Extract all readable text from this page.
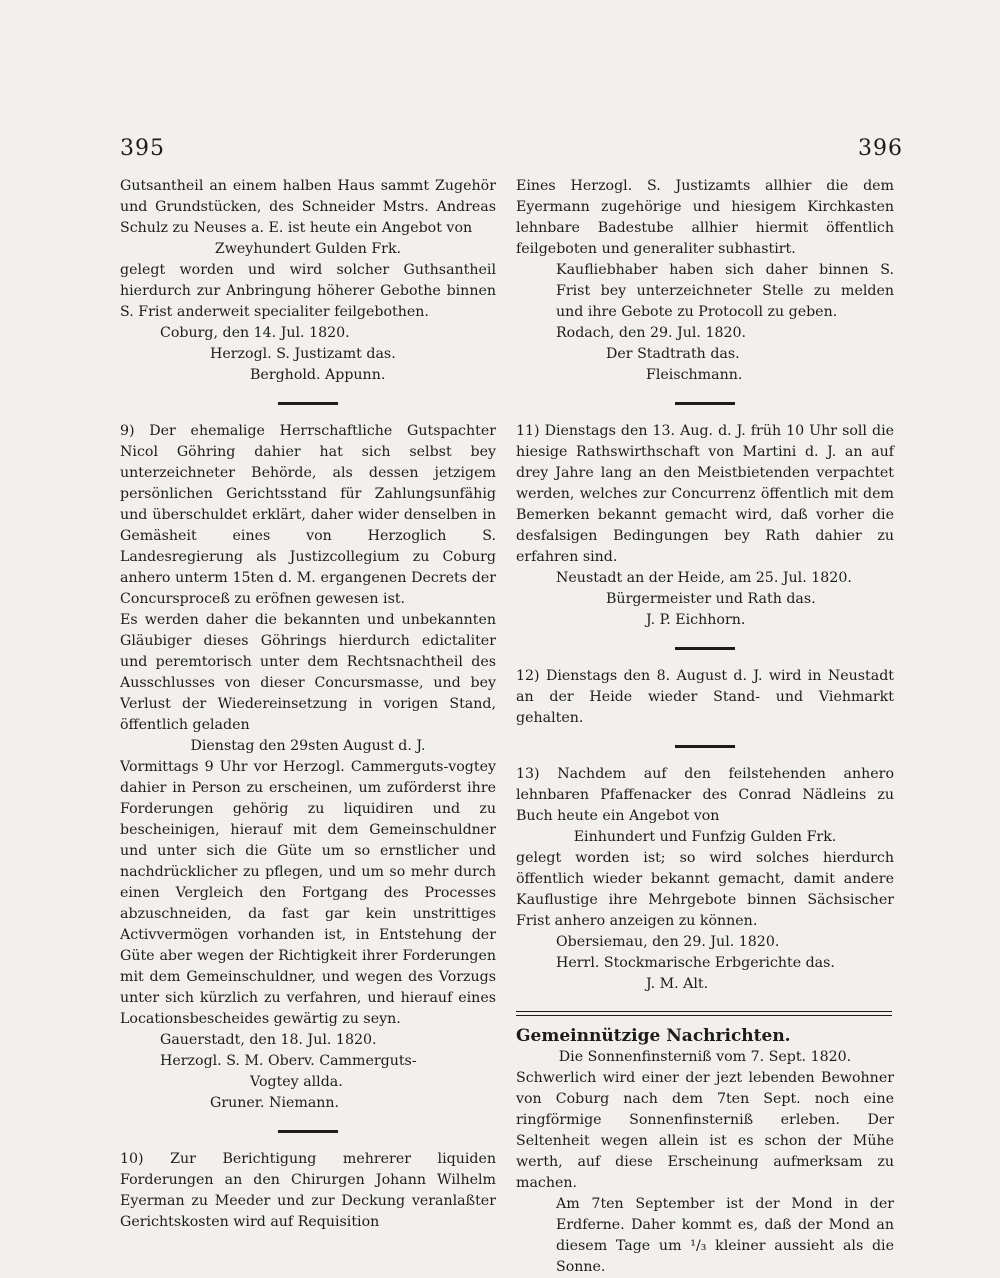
395	396

Gutsantheil an einem halben Haus sammt Zugehör und Grundstücken, des Schneider Mstrs. Andreas Schulz zu Neuses a. E. ist heute ein Angebot von

Zweyhundert Gulden Frk.

gelegt worden und wird solcher Guthsantheil hierdurch zur Anbringung höherer Gebothe binnen S. Frist anderweit specialiter feilgebothen.

Coburg, den 14. Jul. 1820.

Herzogl. S. Justizamt das.

Berghold. Appunn.

9) Der ehemalige Herrschaftliche Gutspachter Nicol Göhring dahier hat sich selbst bey unterzeichneter Behörde, als dessen jetzigem persönlichen Gerichtsstand für Zahlungsunfähig und überschuldet erklärt, daher wider denselben in Gemäsheit eines von Herzoglich S. Landesregierung als Justizcollegium zu Coburg anhero unterm 15ten d. M. ergangenen Decrets der Concursproceß zu eröfnen gewesen ist.

Es werden daher die bekannten und unbekannten Gläubiger dieses Göhrings hierdurch edictaliter und peremtorisch unter dem Rechtsnachtheil des Ausschlusses von dieser Concursmasse, und bey Verlust der Wiedereinsetzung in vorigen Stand, öffentlich geladen

Dienstag den 29sten August d. J.

Vormittags 9 Uhr vor Herzogl. Cammerguts-vogtey dahier in Person zu erscheinen, um zuförderst ihre Forderungen gehörig zu liquidiren und zu bescheinigen, hierauf mit dem Gemeinschuldner und unter sich die Güte um so ernstlicher und nachdrücklicher zu pflegen, und um so mehr durch einen Vergleich den Fortgang des Processes abzuschneiden, da fast gar kein unstrittiges Activvermögen vorhanden ist, in Entstehung der Güte aber wegen der Richtigkeit ihrer Forderungen mit dem Gemeinschuldner, und wegen des Vorzugs unter sich kürzlich zu verfahren, und hierauf eines Locationsbescheides gewärtig zu seyn.

Gauerstadt, den 18. Jul. 1820.

Herzogl. S. M. Oberv. Cammerguts-

Vogtey allda.

Gruner. Niemann.

10) Zur Berichtigung mehrerer liquiden Forderungen an den Chirurgen Johann Wilhelm Eyerman zu Meeder und zur Deckung veranlaßter Gerichtskosten wird auf Requisition

Eines Herzogl. S. Justizamts allhier die dem Eyermann zugehörige und hiesigem Kirchkasten lehnbare Badestube allhier hiermit öffentlich feilgeboten und generaliter subhastirt.

Kaufliebhaber haben sich daher binnen S. Frist bey unterzeichneter Stelle zu melden und ihre Gebote zu Protocoll zu geben.

Rodach, den 29. Jul. 1820.

Der Stadtrath das.

Fleischmann.

11) Dienstags den 13. Aug. d. J. früh 10 Uhr soll die hiesige Rathswirthschaft von Martini d. J. an auf drey Jahre lang an den Meistbietenden verpachtet werden, welches zur Concurrenz öffentlich mit dem Bemerken bekannt gemacht wird, daß vorher die desfalsigen Bedingungen bey Rath dahier zu erfahren sind.

Neustadt an der Heide, am 25. Jul. 1820.

Bürgermeister und Rath das.

J. P. Eichhorn.

12) Dienstags den 8. August d. J. wird in Neustadt an der Heide wieder Stand- und Viehmarkt gehalten.

13) Nachdem auf den feilstehenden anhero lehnbaren Pfaffenacker des Conrad Nädleins zu Buch heute ein Angebot von

Einhundert und Funfzig Gulden Frk.

gelegt worden ist; so wird solches hierdurch öffentlich wieder bekannt gemacht, damit andere Kauflustige ihre Mehrgebote binnen Sächsischer Frist anhero anzeigen zu können.

Obersiemau, den 29. Jul. 1820.

Herrl. Stockmarische Erbgerichte das.

J. M. Alt.

Gemeinnützige Nachrichten.

Die Sonnenfinsterniß vom 7. Sept. 1820.

Schwerlich wird einer der jezt lebenden Bewohner von Coburg nach dem 7ten Sept. noch eine ringförmige Sonnenfinsterniß erleben. Der Seltenheit wegen allein ist es schon der Mühe werth, auf diese Erscheinung aufmerksam zu machen.

Am 7ten September ist der Mond in der Erdferne. Daher kommt es, daß der Mond an diesem Tage um ¹/₃ kleiner aussieht als die Sonne.
